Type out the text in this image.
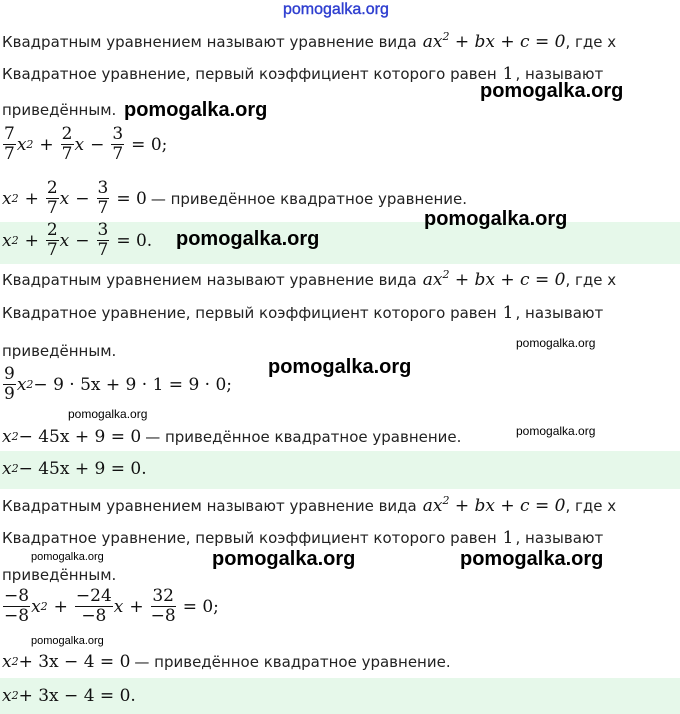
pomogalka.org
Квадратным уравнением называют уравнение вида $ax^2$ + bx + c = 0 , где x
Квадратное уравнение, первый коэффициент которого равен 1 , называют
приведённым.
$\frac{7}{7}$ x $2 + \frac{2}{7}$ $x - \frac{3}{7} = 0$;
x $2 + \frac{2}{7}$ $x - \frac{3}{7} = 0$ — приведённое квадратное уравнение.
x $2 + \frac{2}{7}$ $x - \frac{3}{7} = 0$.
Квадратным уравнением называют уравнение вида $ax^2$ + bx + c = 0 , где x
Квадратное уравнение, первый коэффициент которого равен 1 , называют
приведённым.
$\frac{9}{9}$ x 2 − 9 · 5x + 9 · 1 = 9 · 0;
x 2 − 45x + 9 = 0 — приведённое квадратное уравнение.
x 2 − 45x + 9 = 0.
Квадратным уравнением называют уравнение вида $ax^2$ + bx + c = 0 , где x
Квадратное уравнение, первый коэффициент которого равен 1 , называют
приведённым.
$\frac{-8}{-8}$ x $2 + \frac{-24}{-8}$ $x + \frac{32}{-8} = 0$;
x 2 + 3x − 4 = 0 — приведённое квадратное уравнение.
x 2 + 3x − 4 = 0.
pomogalka.org
pomogalka.org
pomogalka.org
pomogalka.org
pomogalka.org
pomogalka.org
pomogalka.org
pomogalka.org
pomogalka.org	pomogalka.org	pomogalka.org
pomogalka.org
